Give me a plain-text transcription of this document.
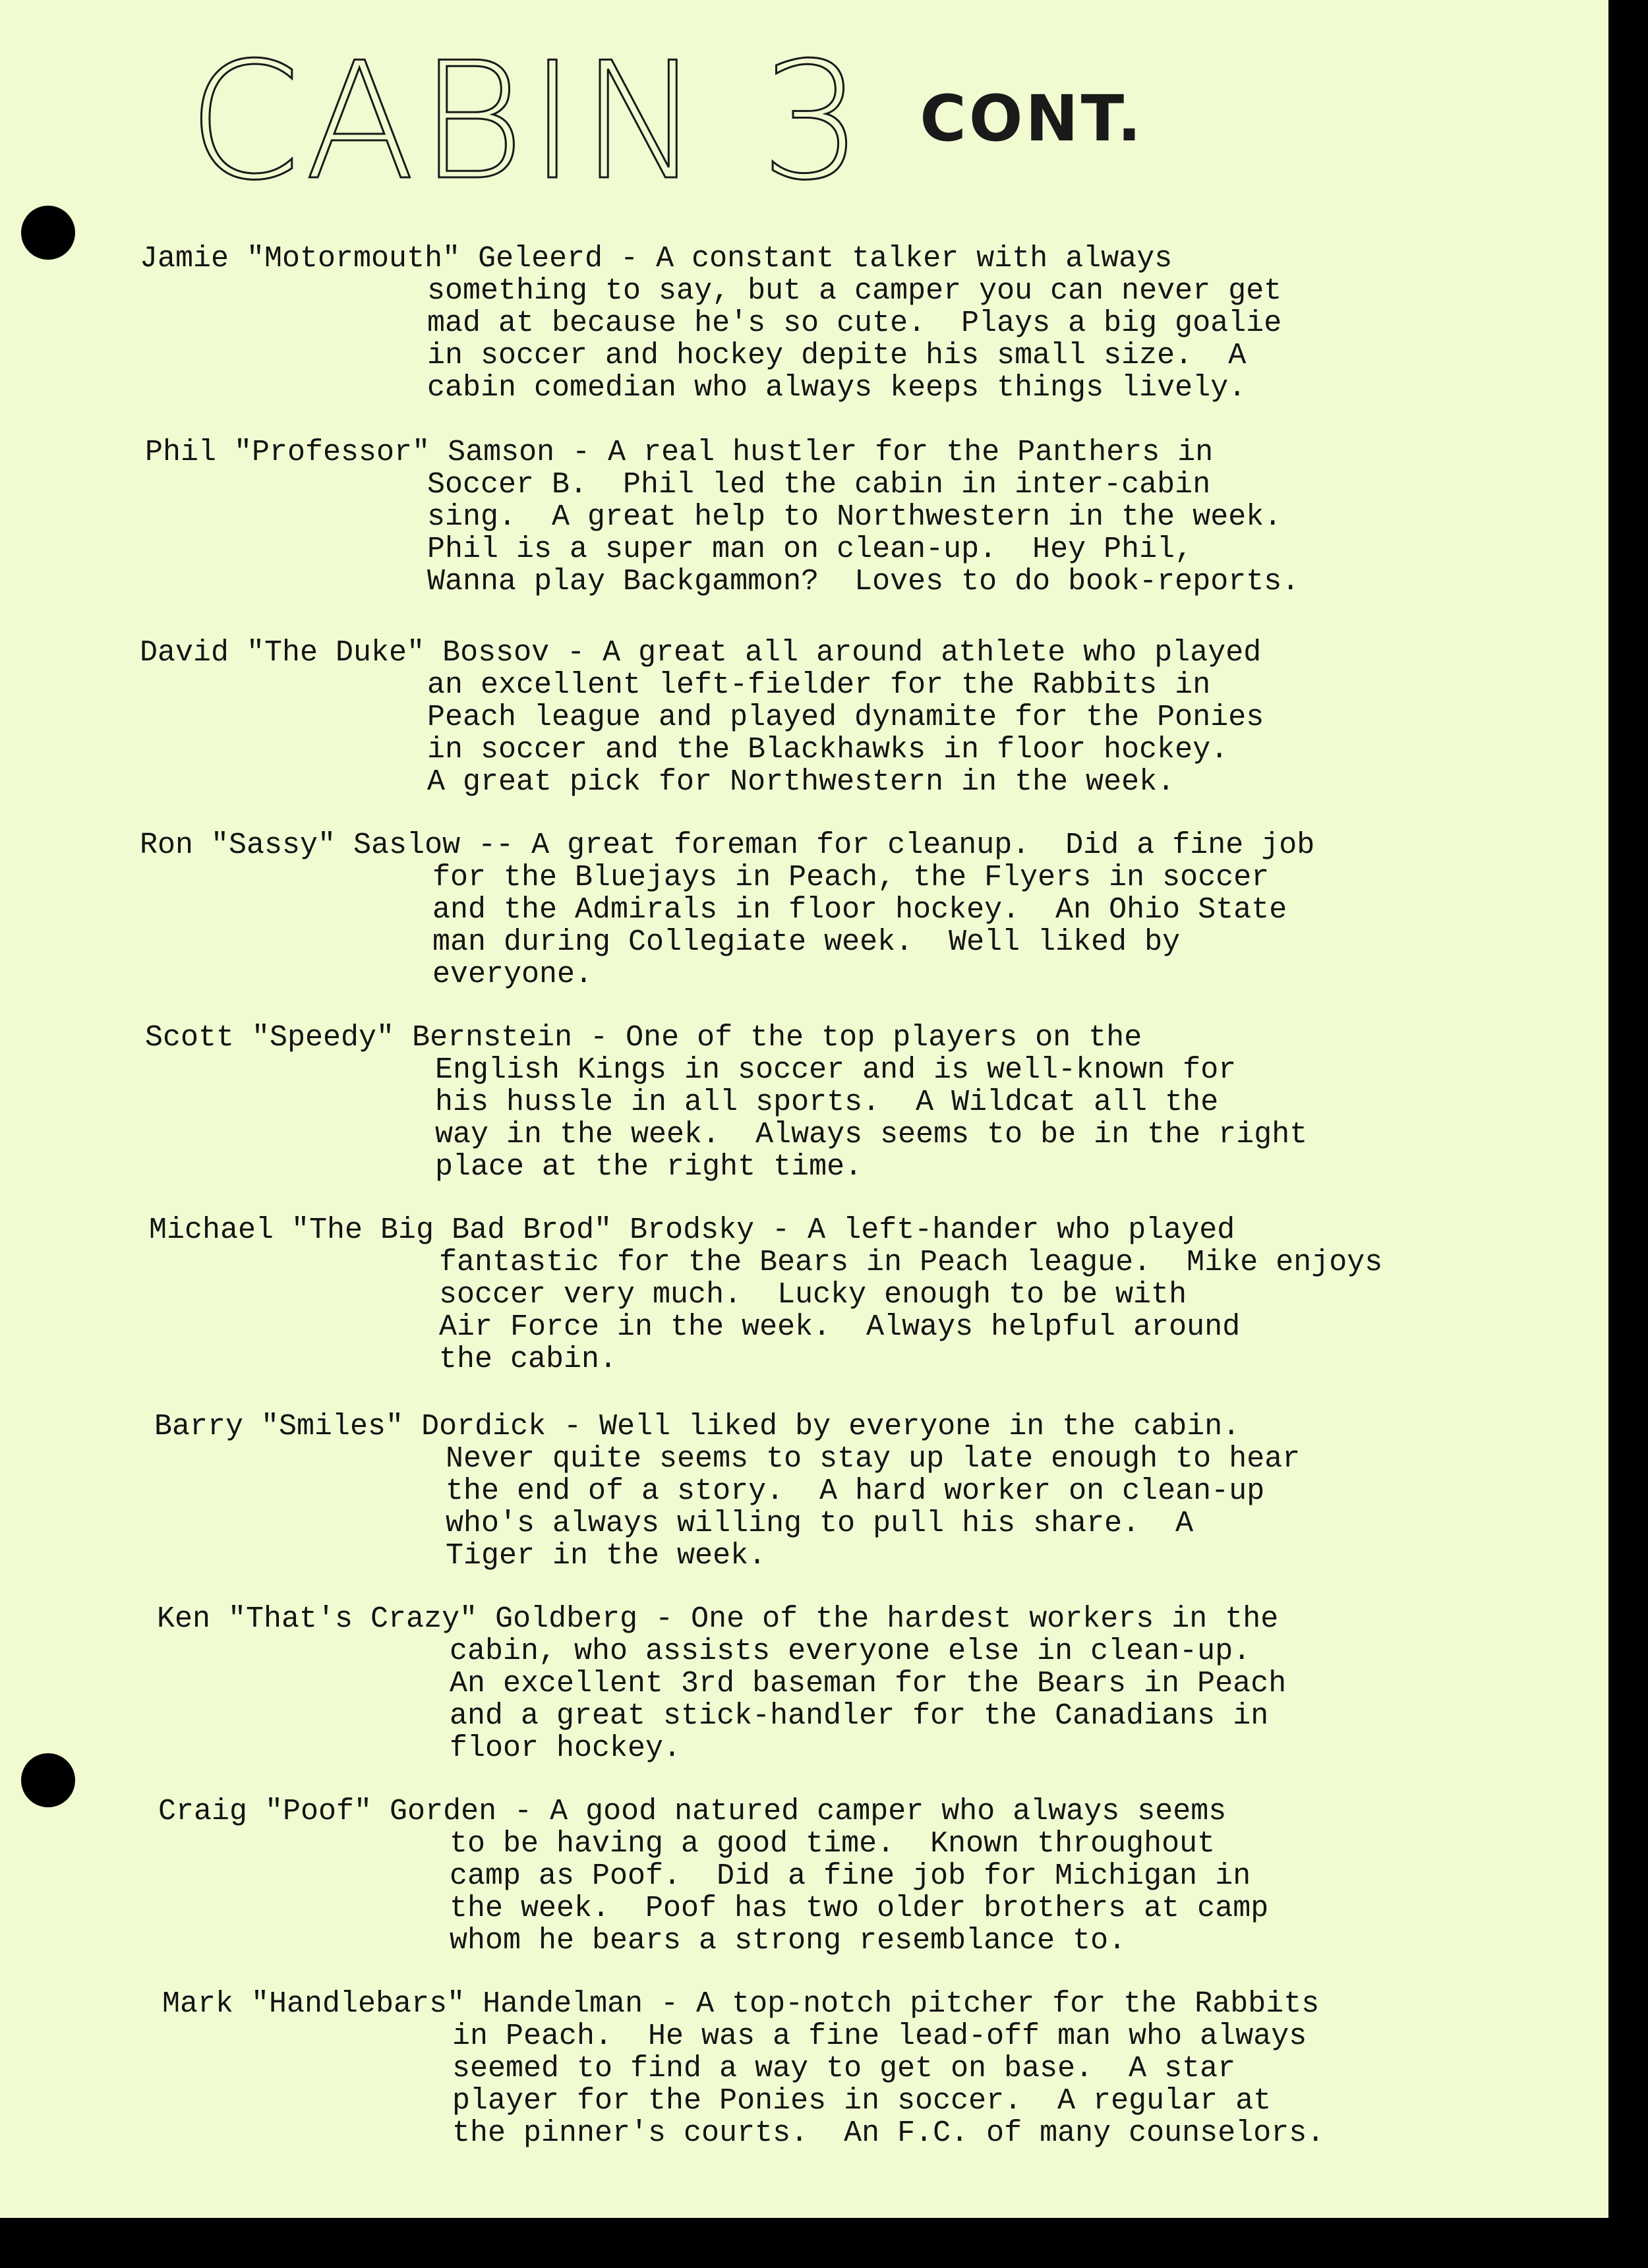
CABIN 3 CONT.
Jamie "Motormouth" Geleerd
- A constant talker with always
something to say, but a camper you can never get
mad at because he's so cute.  Plays a big goalie
in soccer and hockey depite his small size.  A
cabin comedian who always keeps things lively.
Phil "Professor" Samson
- A real hustler for the Panthers in
Soccer B.  Phil led the cabin in inter-cabin
sing.  A great help to Northwestern in the week.
Phil is a super man on clean-up.  Hey Phil,
Wanna play Backgammon?  Loves to do book-reports.
David "The Duke" Bossov
- A great all around athlete who played
an excellent left-fielder for the Rabbits in
Peach league and played dynamite for the Ponies
in soccer and the Blackhawks in floor hockey.
A great pick for Northwestern in the week.
Ron "Sassy" Saslow
-- A great foreman for cleanup.  Did a fine job
for the Bluejays in Peach, the Flyers in soccer
and the Admirals in floor hockey.  An Ohio State
man during Collegiate week.  Well liked by
everyone.
Scott "Speedy" Bernstein
- One of the top players on the
English Kings in soccer and is well-known for
his hussle in all sports.  A Wildcat all the
way in the week.  Always seems to be in the right
place at the right time.
Michael "The Big Bad Brod" Brodsky
- A left-hander who played
fantastic for the Bears in Peach league.  Mike enjoys
soccer very much.  Lucky enough to be with
Air Force in the week.  Always helpful around
the cabin.
Barry "Smiles" Dordick
- Well liked by everyone in the cabin.
Never quite seems to stay up late enough to hear
the end of a story.  A hard worker on clean-up
who's always willing to pull his share.  A
Tiger in the week.
Ken "That's Crazy" Goldberg
- One of the hardest workers in the
cabin, who assists everyone else in clean-up.
An excellent 3rd baseman for the Bears in Peach
and a great stick-handler for the Canadians in
floor hockey.
Craig "Poof" Gorden
- A good natured camper who always seems
to be having a good time.  Known throughout
camp as Poof.  Did a fine job for Michigan in
the week.  Poof has two older brothers at camp
whom he bears a strong resemblance to.
Mark "Handlebars" Handelman
- A top-notch pitcher for the Rabbits
in Peach.  He was a fine lead-off man who always
seemed to find a way to get on base.  A star
player for the Ponies in soccer.  A regular at
the pinner's courts.  An F.C. of many counselors.
